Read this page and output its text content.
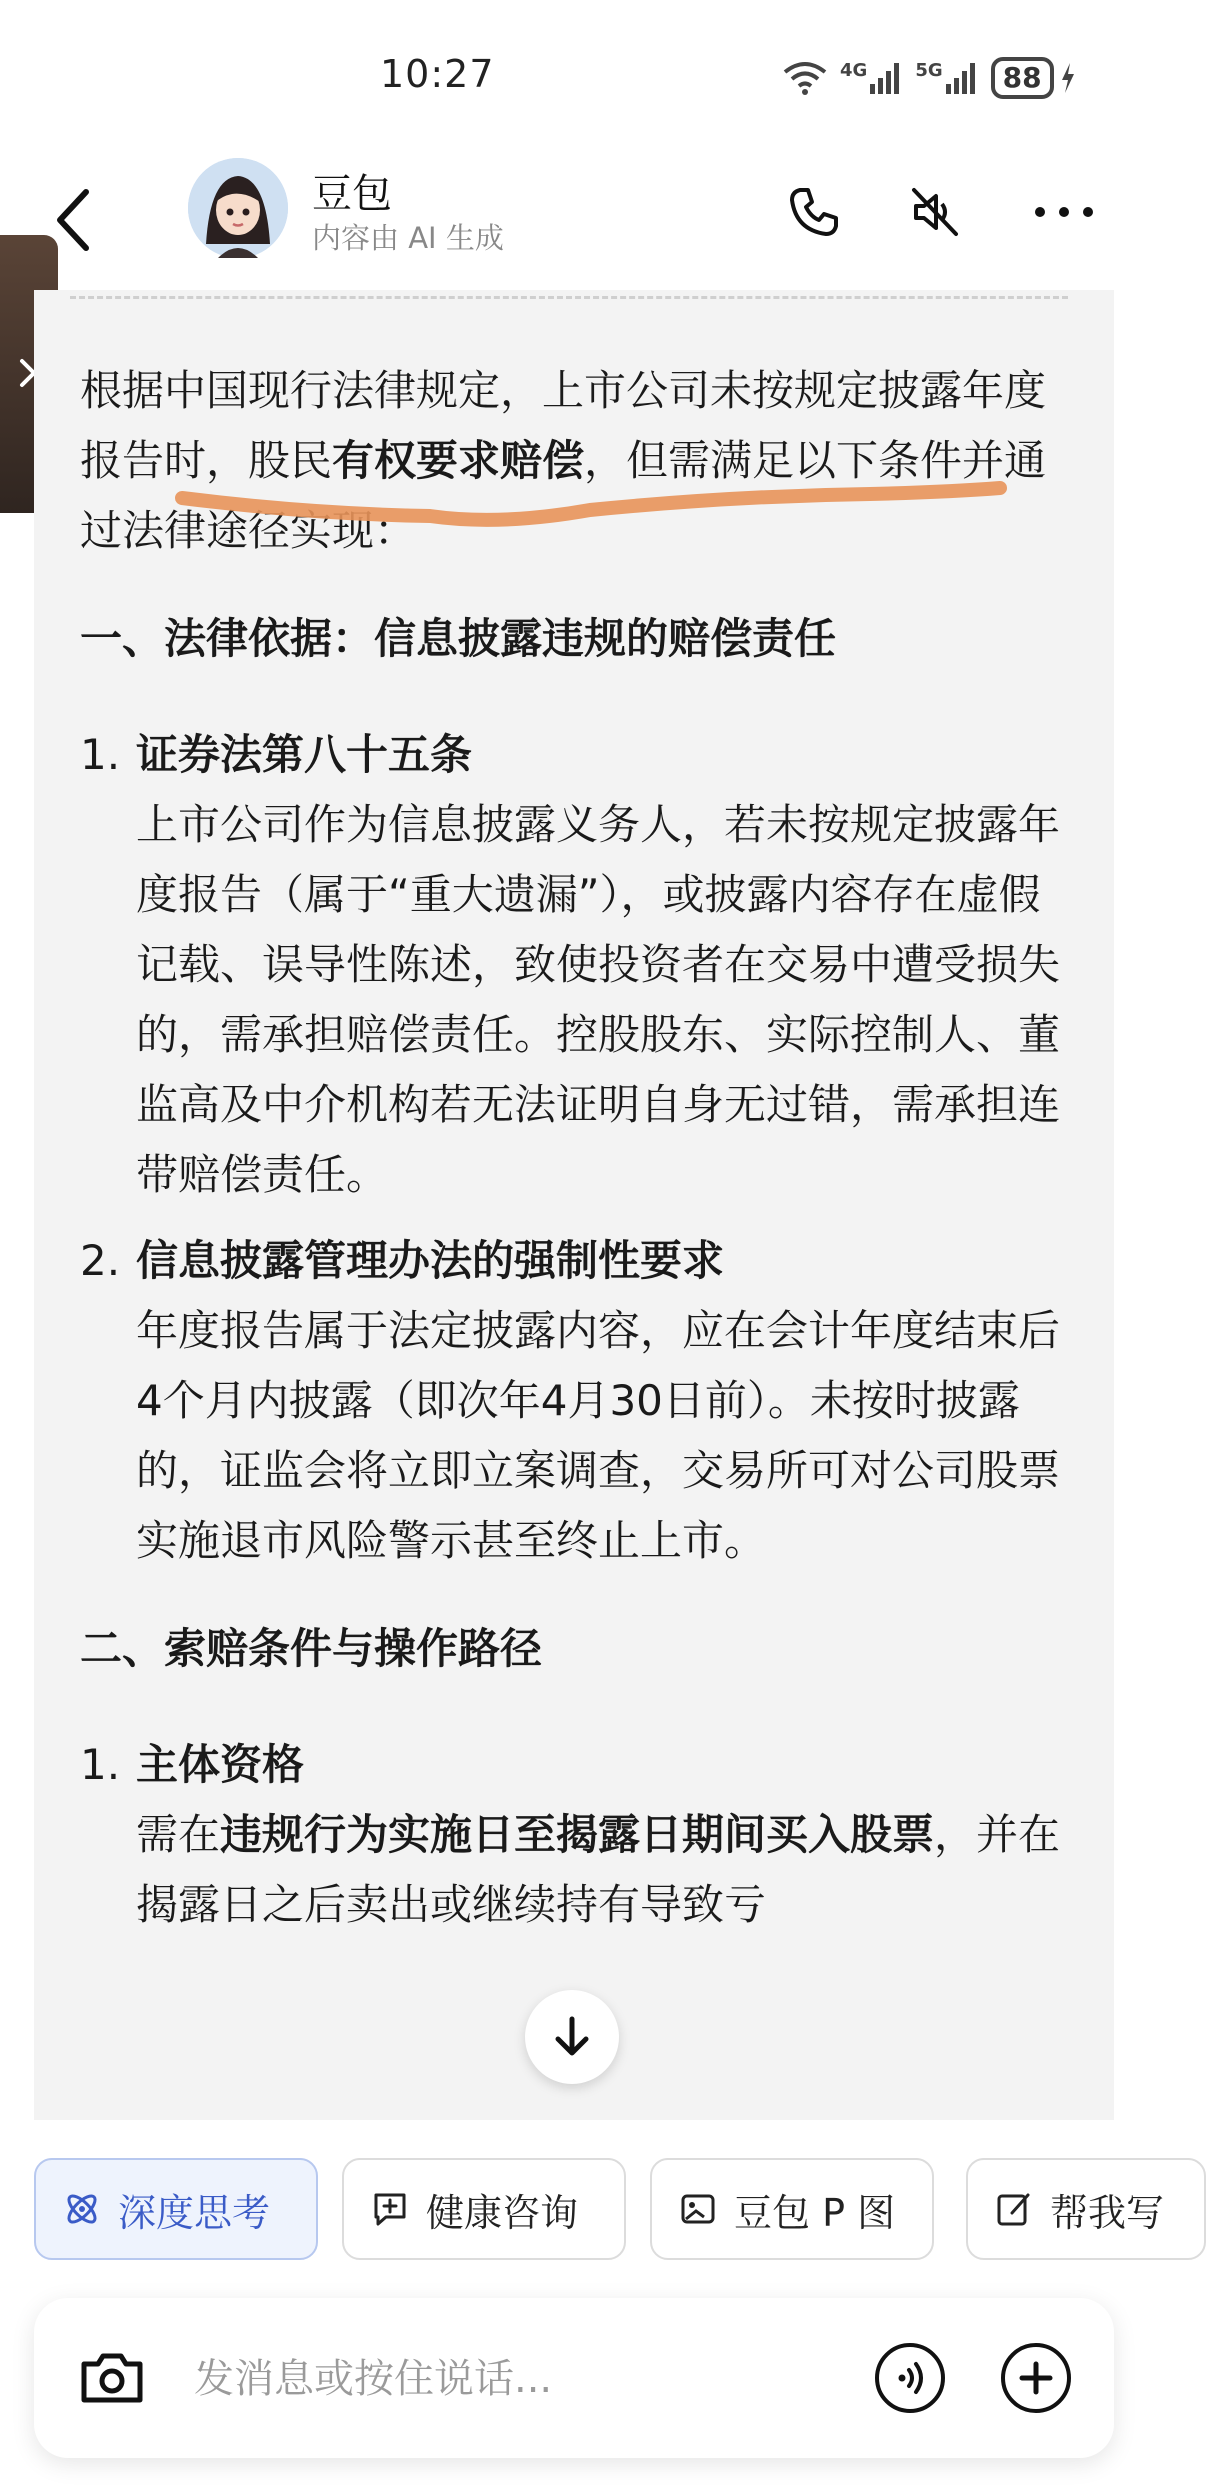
10:27	4G	5G	88
豆包
内容由 AI 生成

根据中国现行法律规定，上市公司未按规定披露年度报告时，股民有权要求赔偿，但需满足以下条件并通过法律途径实现：

一、法律依据：信息披露违规的赔偿责任

1. 证券法第八十五条
上市公司作为信息披露义务人，若未按规定披露年度报告（属于“重大遗漏”），或披露内容存在虚假记载、误导性陈述，致使投资者在交易中遭受损失的，需承担赔偿责任。控股股东、实际控制人、董监高及中介机构若无法证明自身无过错，需承担连带赔偿责任。
2. 信息披露管理办法的强制性要求
年度报告属于法定披露内容，应在会计年度结束后4个月内披露（即次年4月30日前）。未按时披露的，证监会将立即立案调查，交易所可对公司股票实施退市风险警示甚至终止上市。

二、索赔条件与操作路径

1. 主体资格
需在违规行为实施日至揭露日期间买入股票，并在揭露日之后卖出或继续持有导致亏
深度思考	健康咨询	豆包 P 图	帮我写
发消息或按住说话...
